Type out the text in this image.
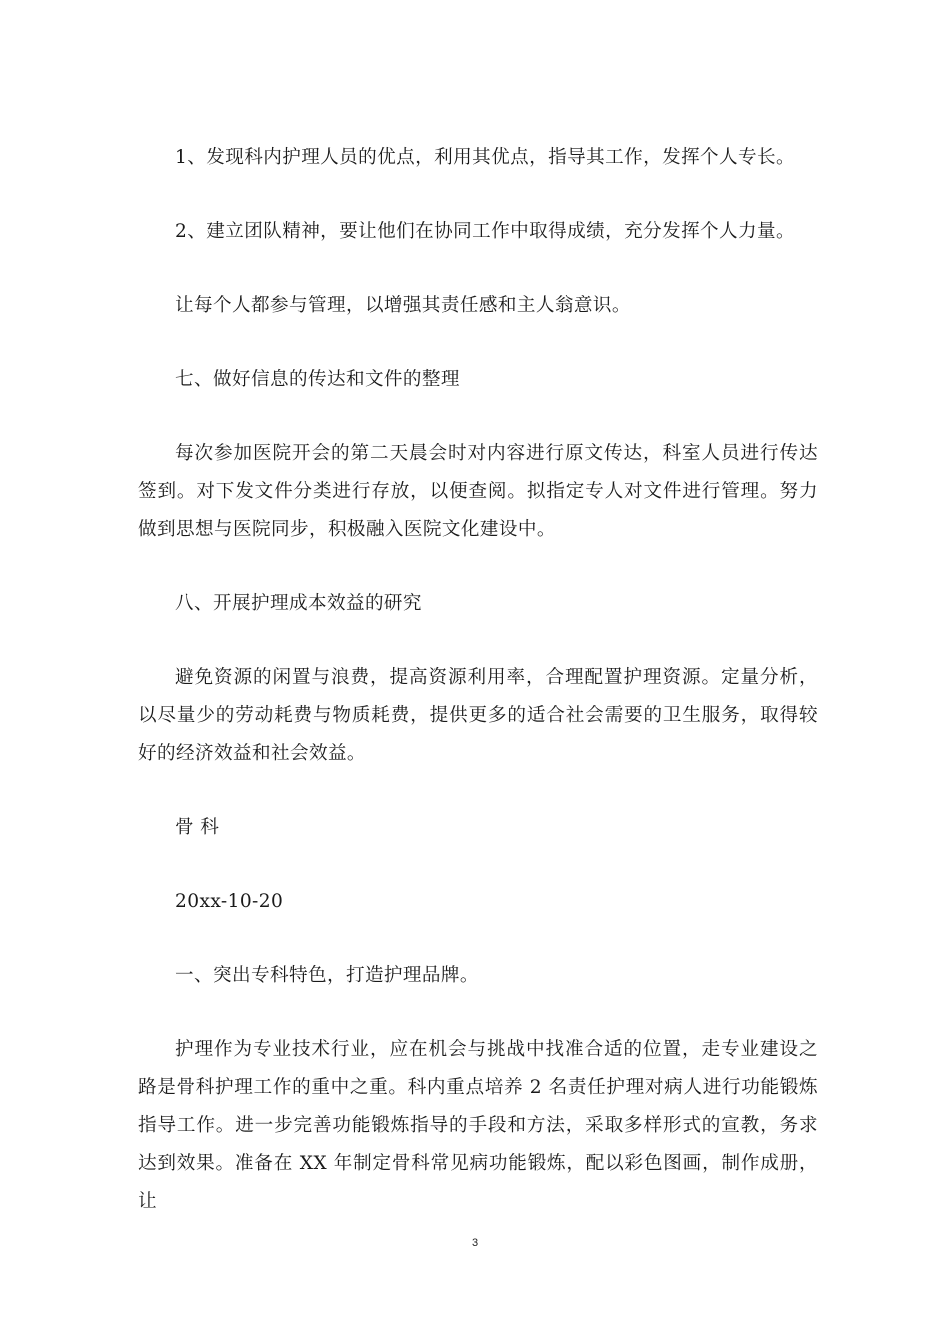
1、发现科内护理人员的优点，利用其优点，指导其工作，发挥个人专长。

2、建立团队精神，要让他们在协同工作中取得成绩，充分发挥个人力量。

让每个人都参与管理，以增强其责任感和主人翁意识。

七、做好信息的传达和文件的整理

每次参加医院开会的第二天晨会时对内容进行原文传达，科室人员进行传达签到。对下发文件分类进行存放，以便查阅。拟指定专人对文件进行管理。努力做到思想与医院同步，积极融入医院文化建设中。

八、开展护理成本效益的研究

避免资源的闲置与浪费，提高资源利用率，合理配置护理资源。定量分析，以尽量少的劳动耗费与物质耗费，提供更多的适合社会需要的卫生服务，取得较好的经济效益和社会效益。

骨 科

20xx-10-20

一、突出专科特色，打造护理品牌。

护理作为专业技术行业，应在机会与挑战中找准合适的位置，走专业建设之路是骨科护理工作的重中之重。科内重点培养 2 名责任护理对病人进行功能锻炼指导工作。进一步完善功能锻炼指导的手段和方法，采取多样形式的宣教，务求达到效果。准备在 XX 年制定骨科常见病功能锻炼，配以彩色图画，制作成册，让

3
